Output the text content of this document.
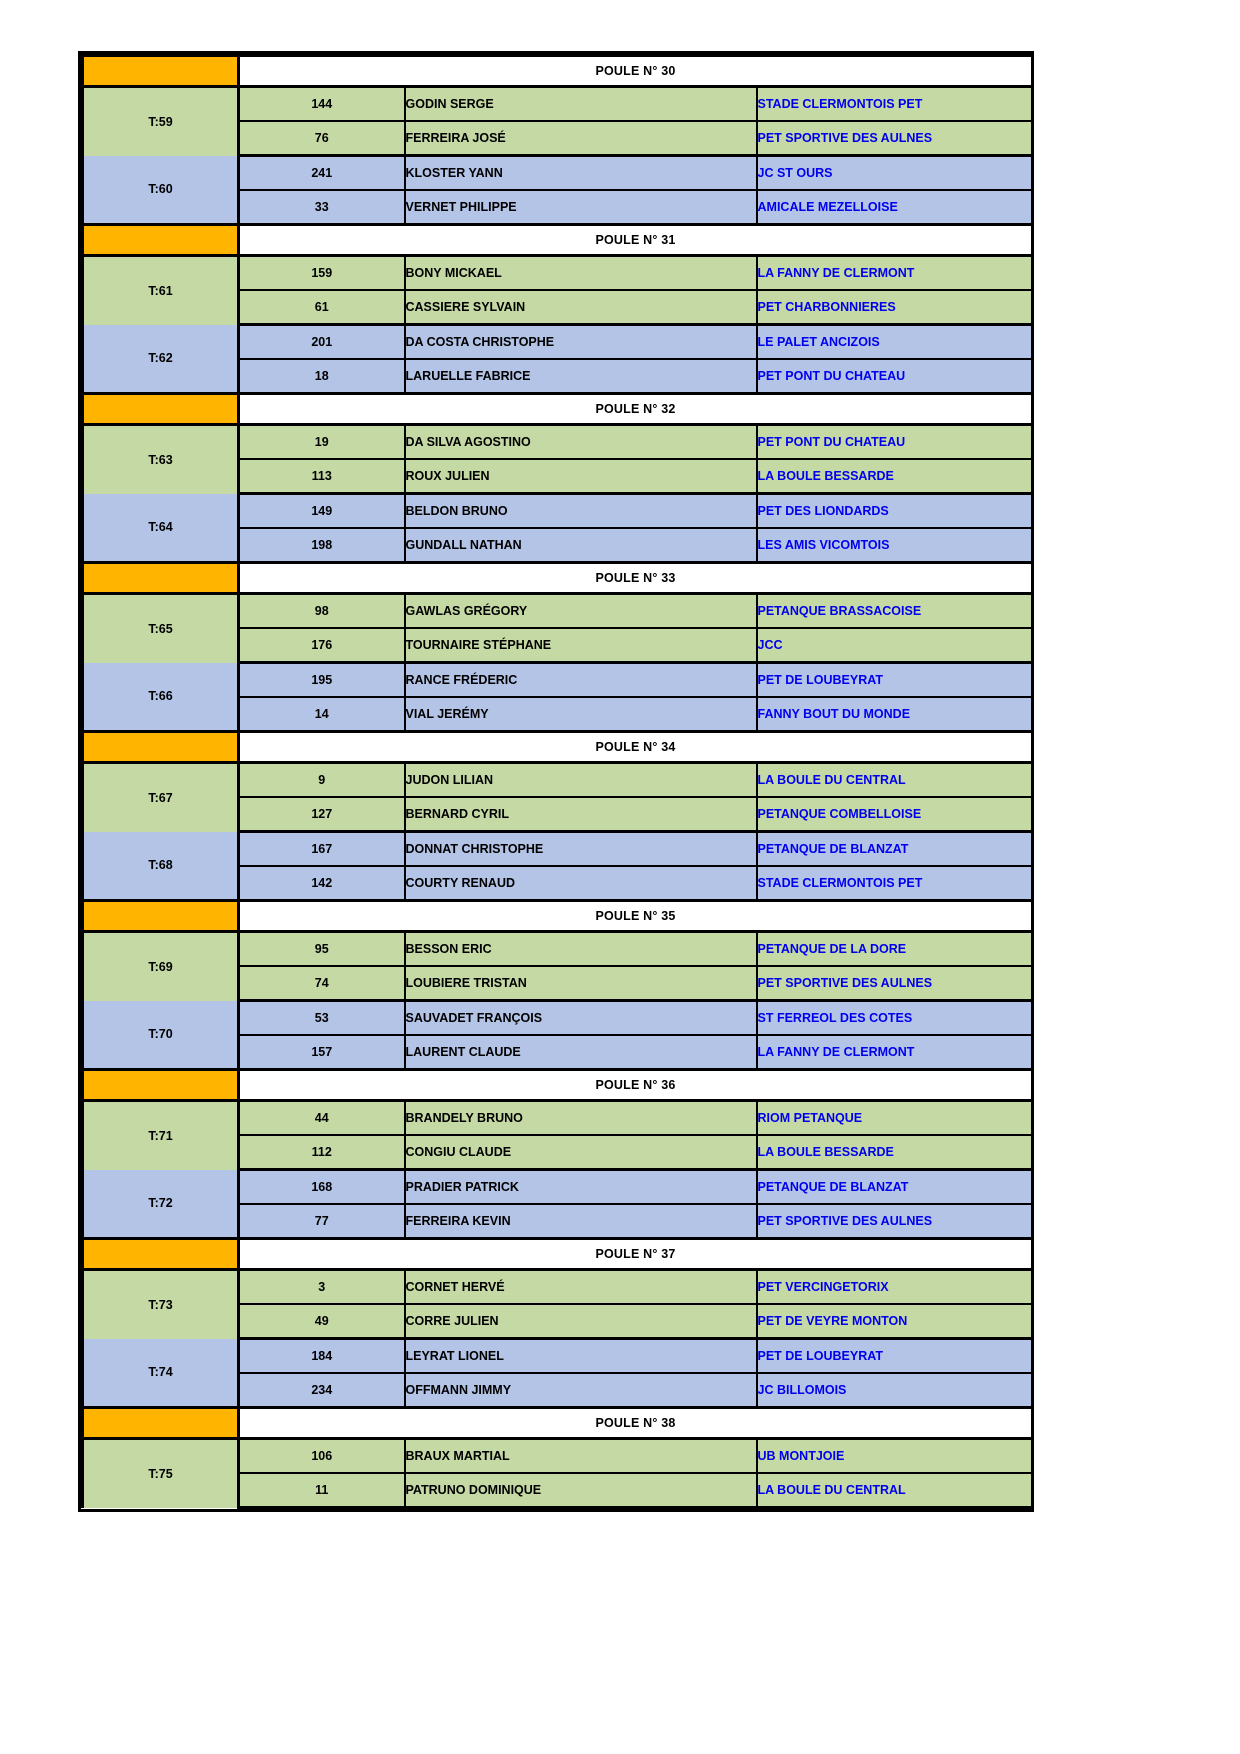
	POULE N° 30		
T:59	144	GODIN SERGE	STADE CLERMONTOIS PET
	76	FERREIRA JOSÉ	PET SPORTIVE DES AULNES
T:60	241	KLOSTER YANN	JC ST OURS
	33	VERNET PHILIPPE	AMICALE MEZELLOISE
	POULE N° 31		
T:61	159	BONY MICKAEL	LA FANNY DE CLERMONT
	61	CASSIERE SYLVAIN	PET CHARBONNIERES
T:62	201	DA COSTA CHRISTOPHE	LE PALET ANCIZOIS
	18	LARUELLE FABRICE	PET PONT DU CHATEAU
	POULE N° 32		
T:63	19	DA SILVA AGOSTINO	PET PONT DU CHATEAU
	113	ROUX JULIEN	LA BOULE BESSARDE
T:64	149	BELDON BRUNO	PET DES LIONDARDS
	198	GUNDALL NATHAN	LES AMIS VICOMTOIS
	POULE N° 33		
T:65	98	GAWLAS GRÉGORY	PETANQUE BRASSACOISE
	176	TOURNAIRE STÉPHANE	JCC
T:66	195	RANCE FRÉDERIC	PET DE LOUBEYRAT
	14	VIAL JERÉMY	FANNY BOUT DU MONDE
	POULE N° 34		
T:67	9	JUDON LILIAN	LA BOULE DU CENTRAL
	127	BERNARD CYRIL	PETANQUE COMBELLOISE
T:68	167	DONNAT CHRISTOPHE	PETANQUE DE BLANZAT
	142	COURTY RENAUD	STADE CLERMONTOIS PET
	POULE N° 35		
T:69	95	BESSON ERIC	PETANQUE DE LA DORE
	74	LOUBIERE TRISTAN	PET SPORTIVE DES AULNES
T:70	53	SAUVADET FRANÇOIS	ST FERREOL DES COTES
	157	LAURENT CLAUDE	LA FANNY DE CLERMONT
	POULE N° 36		
T:71	44	BRANDELY BRUNO	RIOM PETANQUE
	112	CONGIU CLAUDE	LA BOULE BESSARDE
T:72	168	PRADIER PATRICK	PETANQUE DE BLANZAT
	77	FERREIRA KEVIN	PET SPORTIVE DES AULNES
	POULE N° 37		
T:73	3	CORNET HERVÉ	PET VERCINGETORIX
	49	CORRE JULIEN	PET DE VEYRE MONTON
T:74	184	LEYRAT LIONEL	PET DE LOUBEYRAT
	234	OFFMANN JIMMY	JC BILLOMOIS
	POULE N° 38		
T:75	106	BRAUX MARTIAL	UB MONTJOIE
	11	PATRUNO DOMINIQUE	LA BOULE DU CENTRAL
